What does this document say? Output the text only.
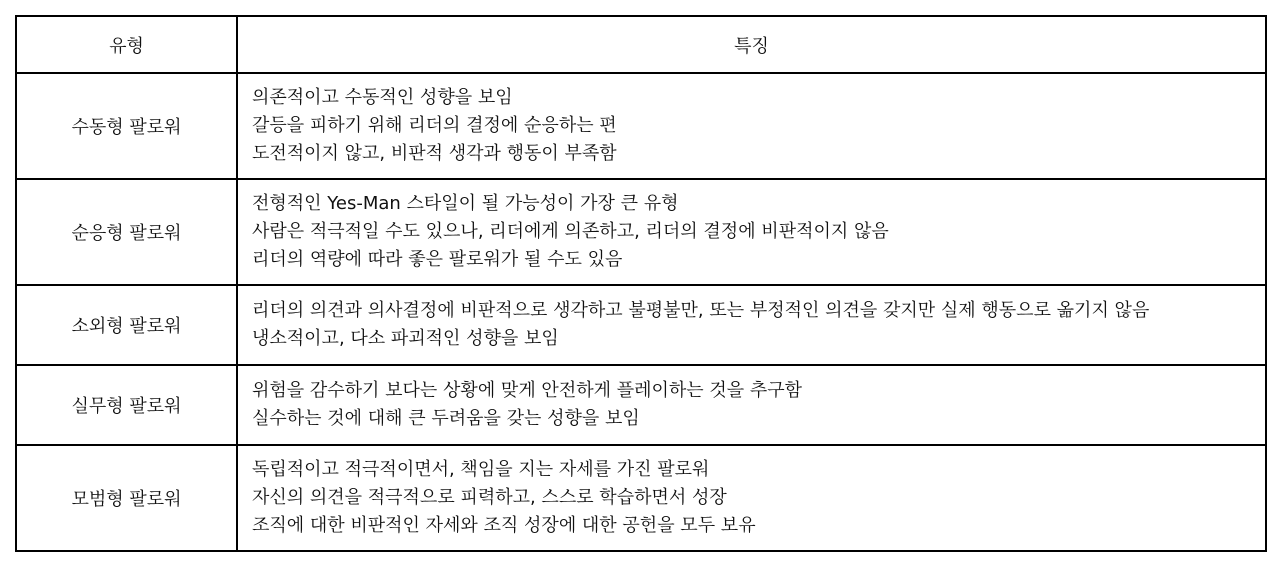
유형	특징
수동형 팔로워	의존적이고 수동적인 성향을 보임
갈등을 피하기 위해 리더의 결정에 순응하는 편
도전적이지 않고, 비판적 생각과 행동이 부족함

순응형 팔로워	전형적인 Yes-Man 스타일이 될 가능성이 가장 큰 유형
사람은 적극적일 수도 있으나, 리더에게 의존하고, 리더의 결정에 비판적이지 않음
리더의 역량에 따라 좋은 팔로워가 될 수도 있음

소외형 팔로워	리더의 의견과 의사결정에 비판적으로 생각하고 불평불만, 또는 부정적인 의견을 갖지만 실제 행동으로 옮기지 않음
냉소적이고, 다소 파괴적인 성향을 보임

실무형 팔로워	위험을 감수하기 보다는 상황에 맞게 안전하게 플레이하는 것을 추구함
실수하는 것에 대해 큰 두려움을 갖는 성향을 보임

모범형 팔로워	독립적이고 적극적이면서, 책임을 지는 자세를 가진 팔로워
자신의 의견을 적극적으로 피력하고, 스스로 학습하면서 성장
조직에 대한 비판적인 자세와 조직 성장에 대한 공헌을 모두 보유
